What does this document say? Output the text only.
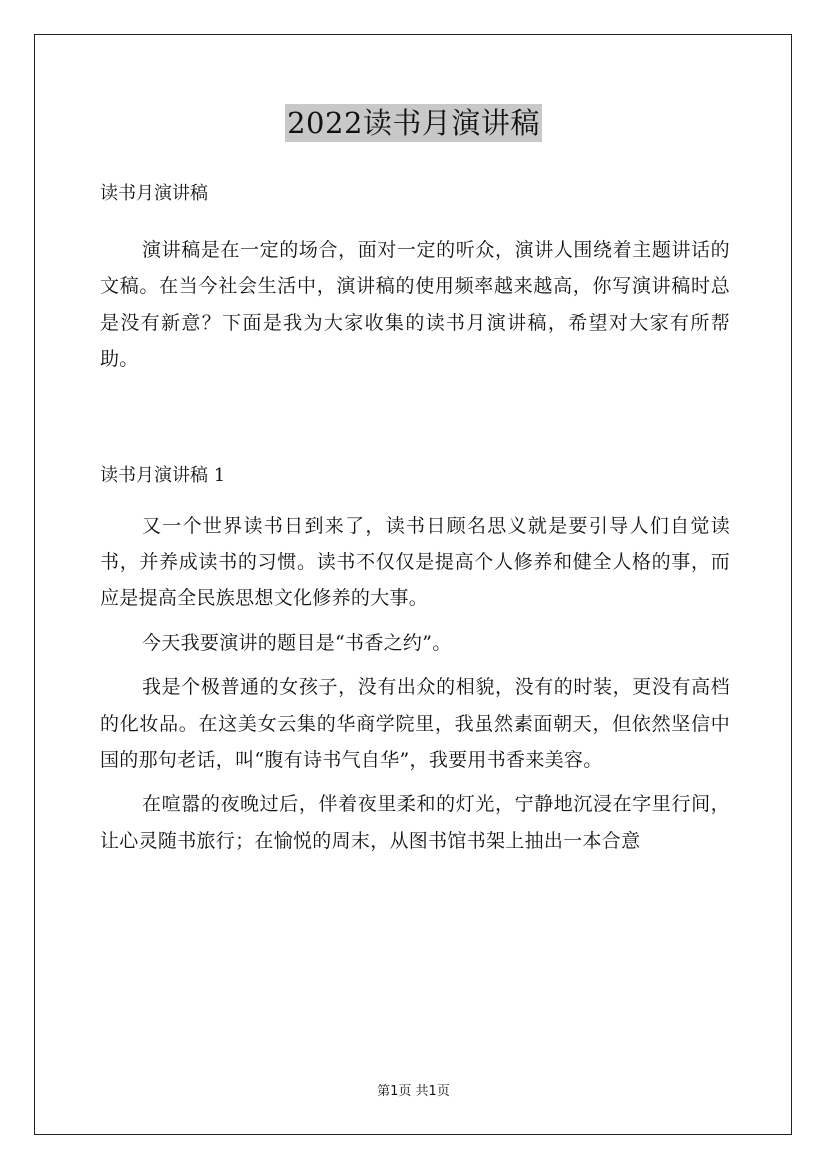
2022读书月演讲稿
读书月演讲稿

演讲稿是在一定的场合，面对一定的听众，演讲人围绕着主题讲话的文稿。在当今社会生活中，演讲稿的使用频率越来越高，你写演讲稿时总是没有新意？下面是我为大家收集的读书月演讲稿，希望对大家有所帮助。

读书月演讲稿 1

又一个世界读书日到来了，读书日顾名思义就是要引导人们自觉读书，并养成读书的习惯。读书不仅仅是提高个人修养和健全人格的事，而应是提高全民族思想文化修养的大事。

今天我要演讲的题目是“书香之约”。

我是个极普通的女孩子，没有出众的相貌，没有的时装，更没有高档的化妆品。在这美女云集的华商学院里，我虽然素面朝天，但依然坚信中国的那句老话，叫“腹有诗书气自华”，我要用书香来美容。

在喧嚣的夜晚过后，伴着夜里柔和的灯光，宁静地沉浸在字里行间，让心灵随书旅行；在愉悦的周末，从图书馆书架上抽出一本合意

第1页 共1页
